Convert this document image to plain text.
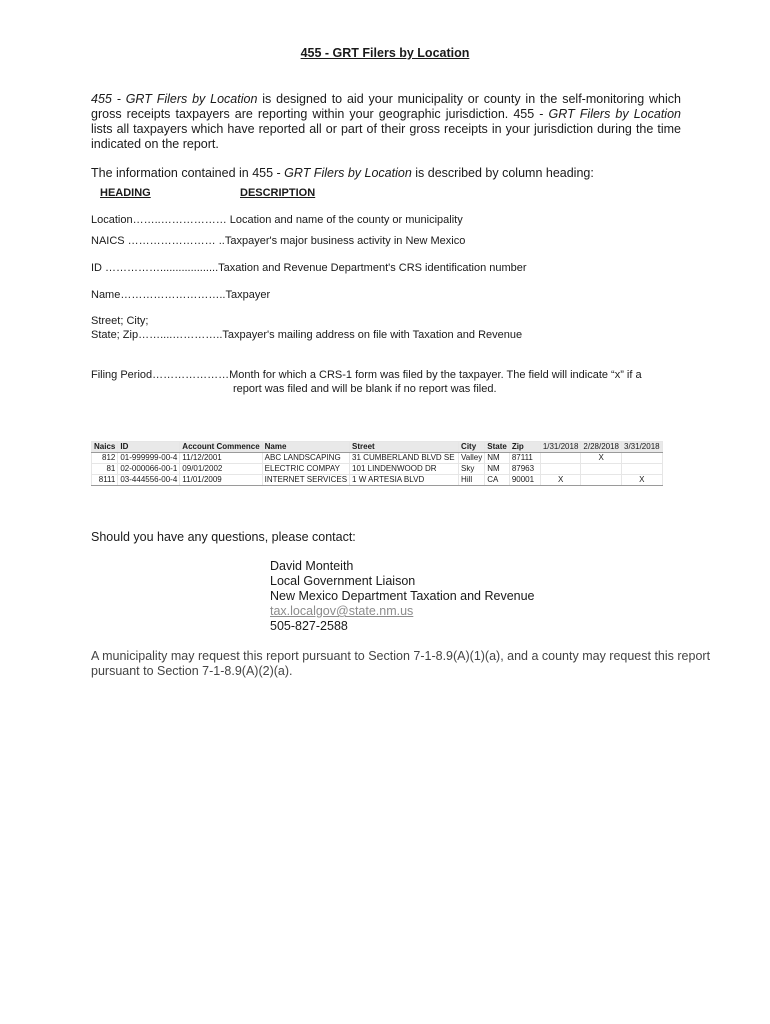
455 - GRT Filers by Location
455 - GRT Filers by Location is designed to aid your municipality or county in the self-monitoring which gross receipts taxpayers are reporting within your geographic jurisdiction. 455 - GRT Filers by Location lists all taxpayers which have reported all or part of their gross receipts in your jurisdiction during the time indicated on the report.
The information contained in 455 - GRT Filers by Location is described by column heading:
HEADING	DESCRIPTION
Location……..……………… Location and name of the county or municipality
NAICS …………………… ..Taxpayer's major business activity in New Mexico
ID ……………...................Taxation and Revenue Department's CRS identification number
Name………………………..Taxpayer
Street; City;
State; Zip……....…………..Taxpayer's mailing address on file with Taxation and Revenue
Filing Period…………………Month for which a CRS-1 form was filed by the taxpayer. The field will indicate “x” if a
report was filed and will be blank if no report was filed.
Naics	ID	Account Commence	Name	Street	City	State	Zip	1/31/2018	2/28/2018	3/31/2018
812	01-999999-00-4	11/12/2001	ABC LANDSCAPING	31 CUMBERLAND BLVD SE	Valley	NM	87111		X	
81	02-000066-00-1	09/01/2002	ELECTRIC COMPAY	101 LINDENWOOD DR	Sky	NM	87963			
8111	03-444556-00-4	11/01/2009	INTERNET SERVICES	1 W ARTESIA BLVD	Hill	CA	90001	X		X
Should you have any questions, please contact:
David Monteith
Local Government Liaison
New Mexico Department Taxation and Revenue
tax.localgov@state.nm.us
505-827-2588
A municipality may request this report pursuant to Section 7-1-8.9(A)(1)(a), and a county may request this report pursuant to Section 7-1-8.9(A)(2)(a).
